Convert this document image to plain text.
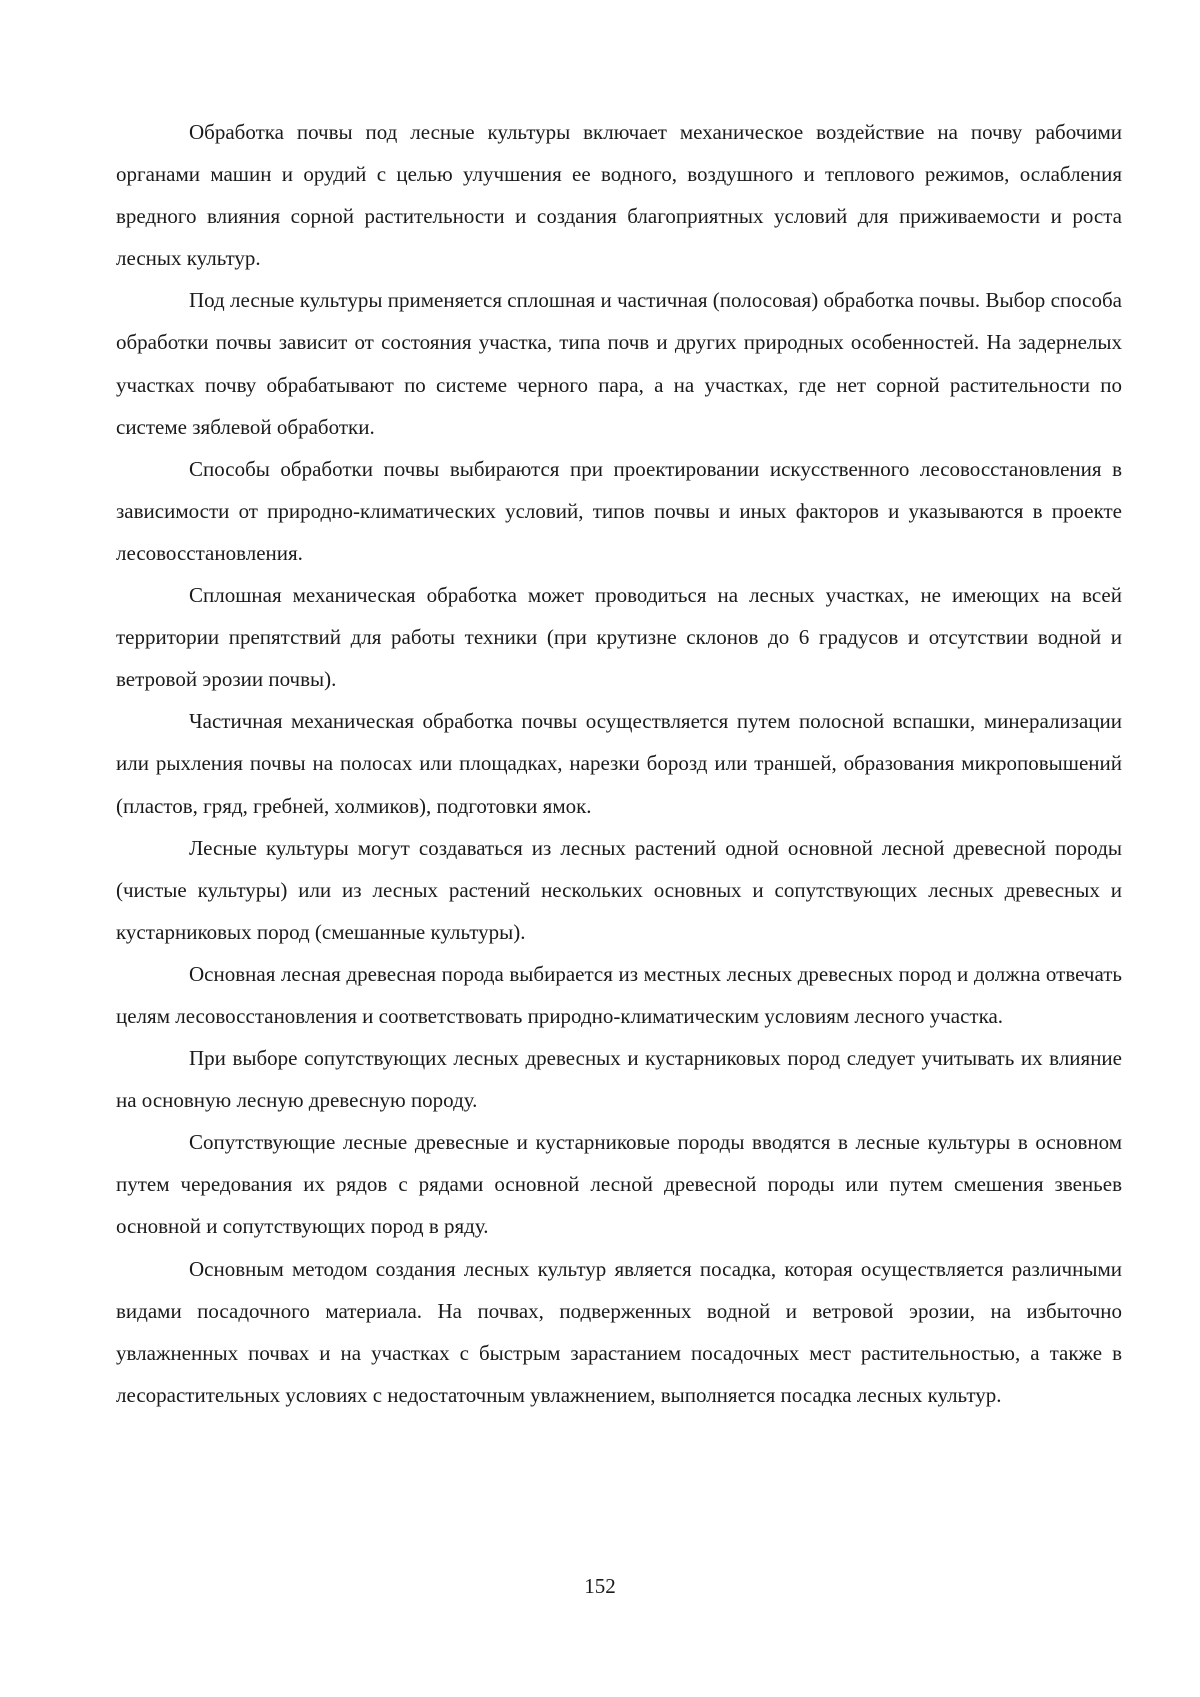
Обработка почвы под лесные культуры включает механическое воздействие на почву рабочими органами машин и орудий с целью улучшения ее водного, воздушного и теплового режимов, ослабления вредного влияния сорной растительности и создания благоприятных условий для приживаемости и роста лесных культур.

Под лесные культуры применяется сплошная и частичная (полосовая) обработка почвы. Выбор способа обработки почвы зависит от состояния участка, типа почв и других природных особенностей. На задернелых участках почву обрабатывают по системе черного пара, а на участках, где нет сорной растительности по системе зяблевой обработки.

Способы обработки почвы выбираются при проектировании искусственного лесовосстановления в зависимости от природно-климатических условий, типов почвы и иных факторов и указываются в проекте лесовосстановления.

Сплошная механическая обработка может проводиться на лесных участках, не имеющих на всей территории препятствий для работы техники (при крутизне склонов до 6 градусов и отсутствии водной и ветровой эрозии почвы).

Частичная механическая обработка почвы осуществляется путем полосной вспашки, минерализации или рыхления почвы на полосах или площадках, нарезки борозд или траншей, образования микроповышений (пластов, гряд, гребней, холмиков), подготовки ямок.

Лесные культуры могут создаваться из лесных растений одной основной лесной древесной породы (чистые культуры) или из лесных растений нескольких основных и сопутствующих лесных древесных и кустарниковых пород (смешанные культуры).

Основная лесная древесная порода выбирается из местных лесных древесных пород и должна отвечать целям лесовосстановления и соответствовать природно-климатическим условиям лесного участка.

При выборе сопутствующих лесных древесных и кустарниковых пород следует учитывать их влияние на основную лесную древесную породу.

Сопутствующие лесные древесные и кустарниковые породы вводятся в лесные культуры в основном путем чередования их рядов с рядами основной лесной древесной породы или путем смешения звеньев основной и сопутствующих пород в ряду.

Основным методом создания лесных культур является посадка, которая осуществляется различными видами посадочного материала. На почвах, подверженных водной и ветровой эрозии, на избыточно увлажненных почвах и на участках с быстрым зарастанием посадочных мест растительностью, а также в лесорастительных условиях с недостаточным увлажнением, выполняется посадка лесных культур.

152
